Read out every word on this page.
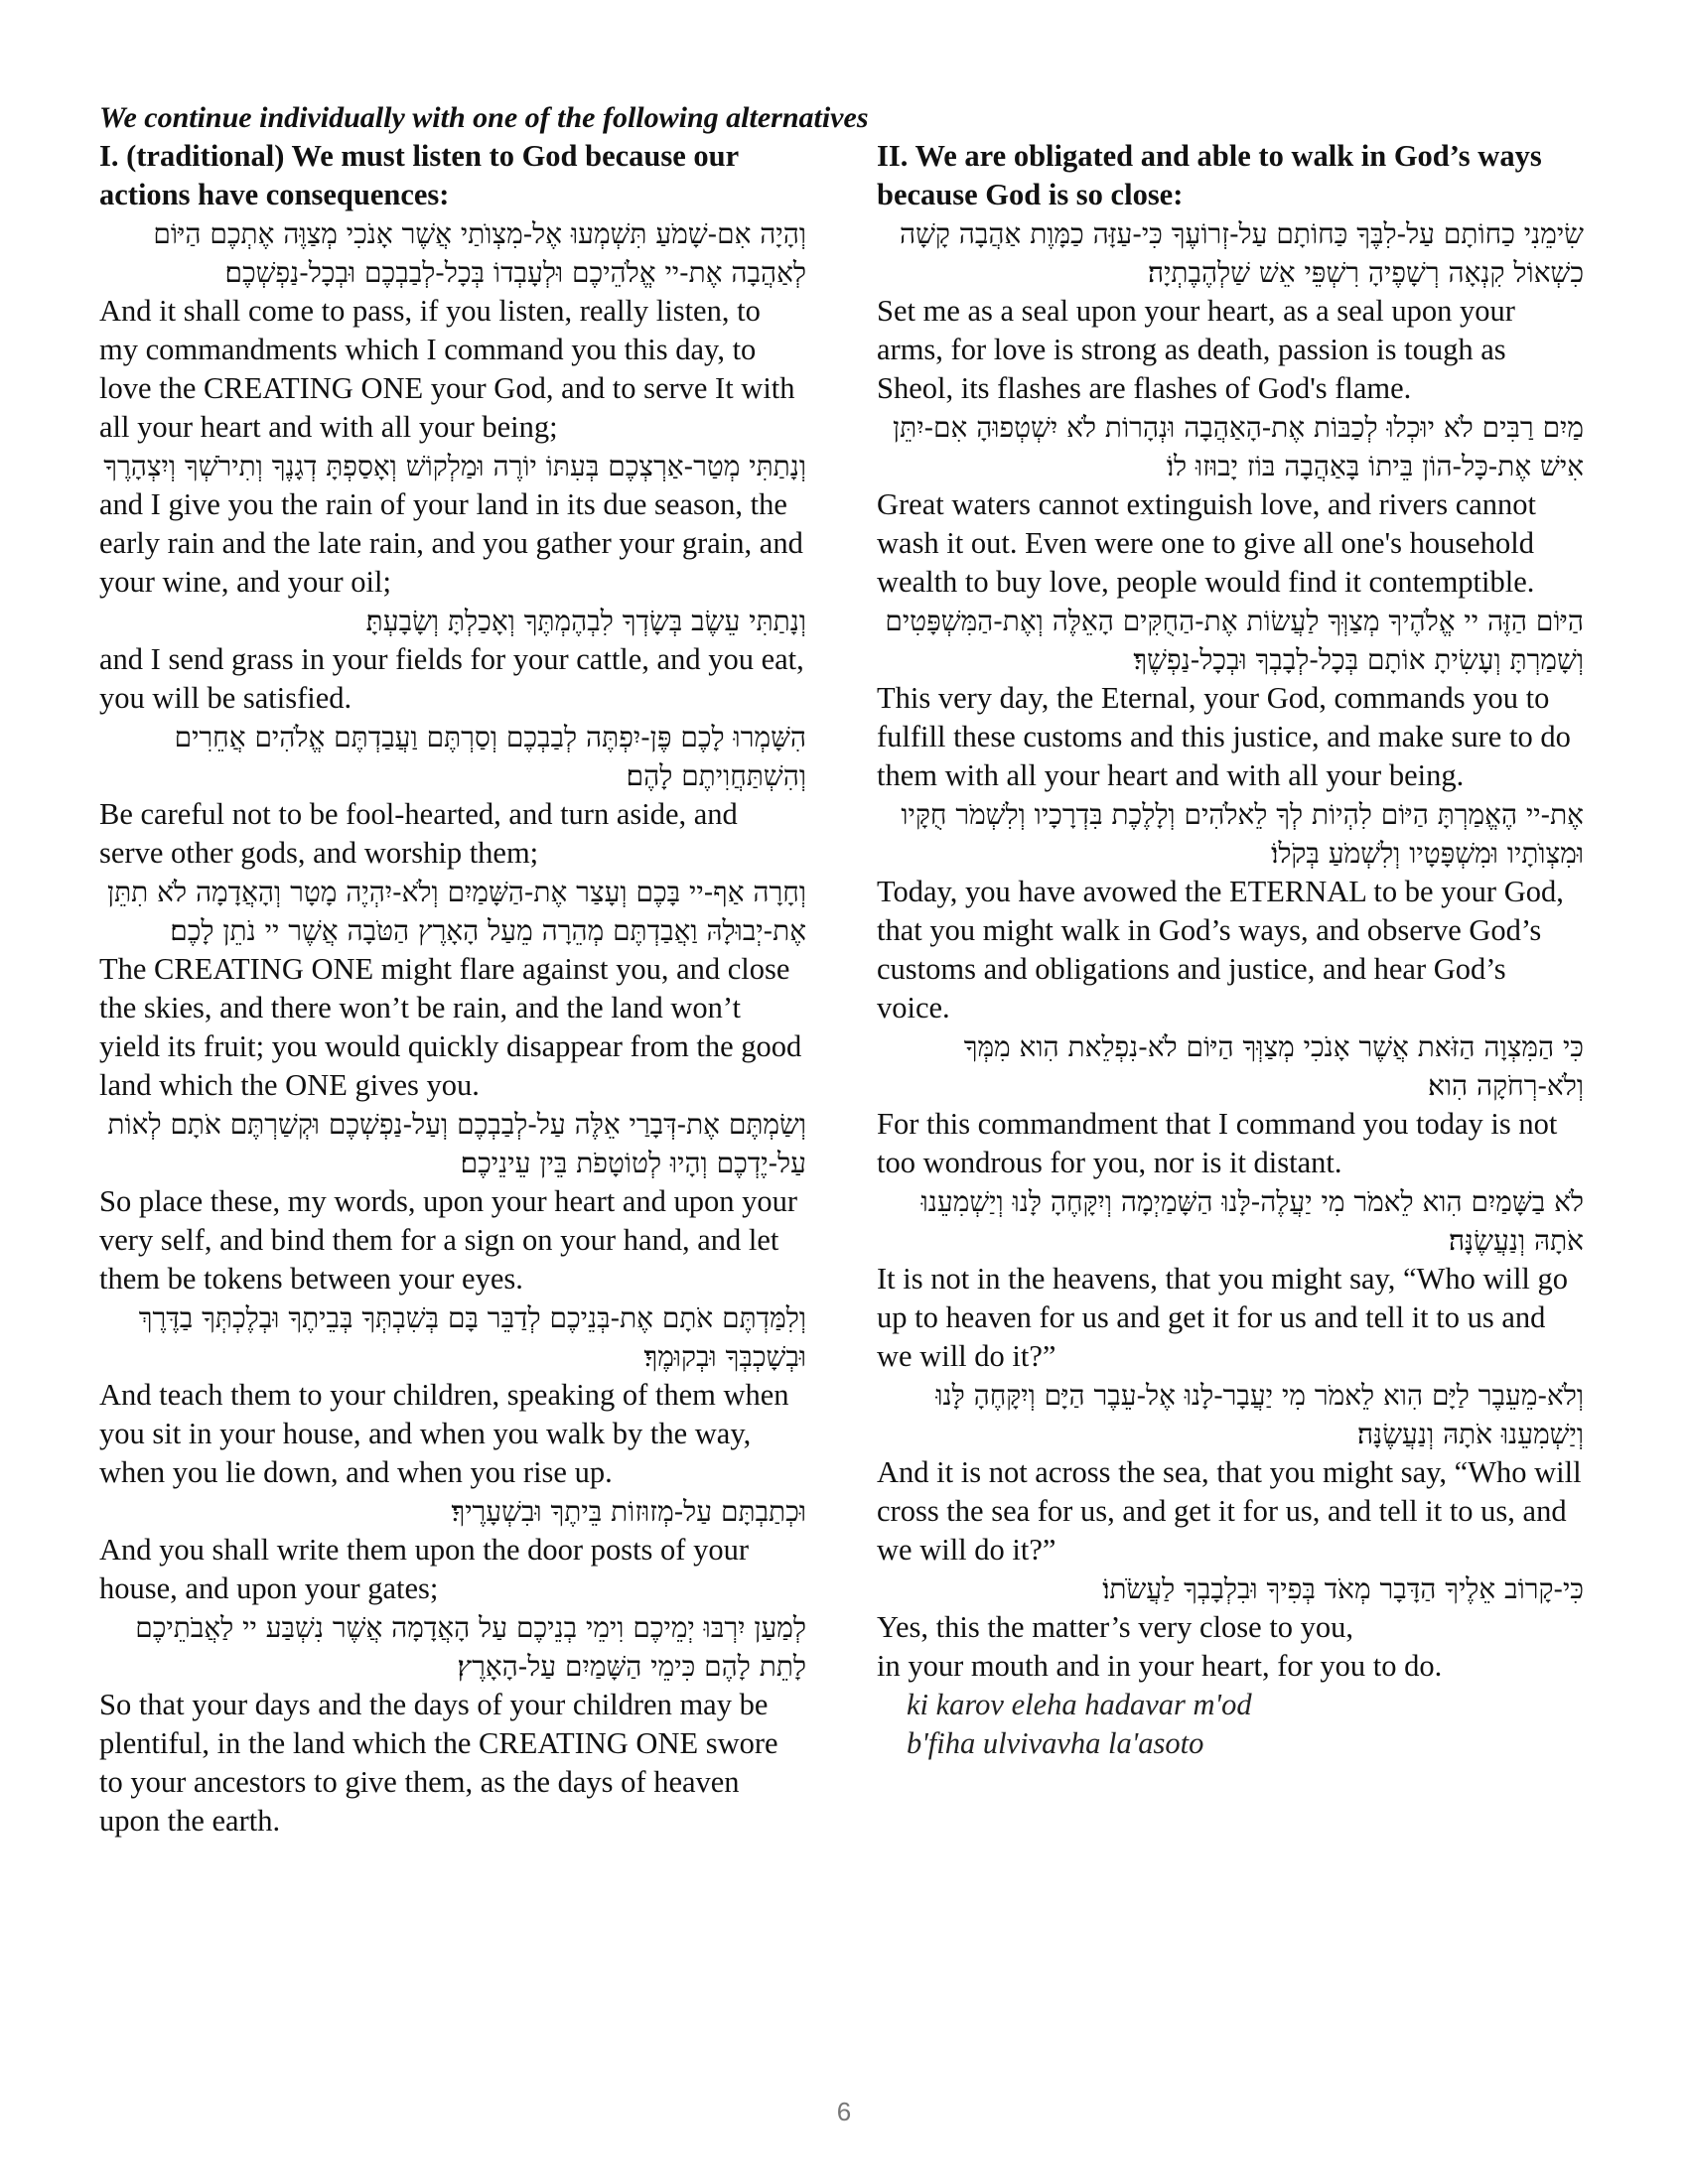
We continue individually with one of the following alternatives
I. (traditional) We must listen to God because our actions have consequences:

וְהָיָה אִם-שָׁמֹעַ תִּשְׁמְעוּ אֶל-מִצְוֺתַי אֲשֶׁר אָנֹכִי מְצַוֶּה אֶתְכֶם הַיּוֹם לְאַהֲבָה אֶת-יי אֱלֹהֵיכֶם וּלְעָבְדוֹ בְּכָל-לְבַבְכֶם וּבְכָל-נַפְשְׁכֶם׃

And it shall come to pass, if you listen, really listen, to my commandments which I command you this day, to love the CREATING ONE your God, and to serve It with all your heart and with all your being;

וְנָתַתִּי מְטַר-אַרְצְכֶם בְּעִתּוֹ יוֹרֶה וּמַלְקוֹשׁ וְאָסַפְתָּ דְגָנֶךָ וְתִירֹשְׁךָ וְיִצְהָרֶךָ

and I give you the rain of your land in its due season, the early rain and the late rain, and you gather your grain, and your wine, and your oil;

וְנָתַתִּי עֵשֶׂב בְּשָׂדְךָ לִבְהֶמְתֶּךָ וְאָכַלְתָּ וְשָׂבָעְתָּ׃

and I send grass in your fields for your cattle, and you eat, you will be satisfied.

הִשָּׁמְרוּ לָכֶם פֶּן-יִפְתֶּה לְבַבְכֶם וְסַרְתֶּם וַעֲבַדְתֶּם אֱלֹהִים אֲחֵרִים וְהִשְׁתַּחֲוִיתֶם לָהֶם׃

Be careful not to be fool-hearted, and turn aside, and serve other gods, and worship them;

וְחָרָה אַף-יי בָּכֶם וְעָצַר אֶת-הַשָּׁמַיִם וְלֹא-יִהְיֶה מָטָר וְהָאֲדָמָה לֹא תִתֵּן אֶת-יְבוּלָהּ וַאֲבַדְתֶּם מְהֵרָה מֵעַל הָאָרֶץ הַטֹּבָה אֲשֶׁר יי נֹתֵן לָכֶם׃

The CREATING ONE might flare against you, and close the skies, and there won’t be rain, and the land won’t yield its fruit; you would quickly disappear from the good land which the ONE gives you.

וְשַׂמְתֶּם אֶת-דְּבָרַי אֵלֶּה עַל-לְבַבְכֶם וְעַל-נַפְשְׁכֶם וּקְשַׁרְתֶּם אֹתָם לְאוֹת עַל-יֶדְכֶם וְהָיוּ לְטוֹטָפֹת בֵּין עֵינֵיכֶם׃

So place these, my words, upon your heart and upon your very self, and bind them for a sign on your hand, and let them be tokens between your eyes.

וְלִמַּדְתֶּם אֹתָם אֶת-בְּנֵיכֶם לְדַבֵּר בָּם בְּשִׁבְתְּךָ בְּבֵיתֶךָ וּבְלֶכְתְּךָ בַדֶּרֶךְ וּבְשָׁכְבְּךָ וּבְקוּמֶךָ׃

And teach them to your children, speaking of them when you sit in your house, and when you walk by the way, when you lie down, and when you rise up.

וּכְתַבְתָּם עַל-מְזוּזוֹת בֵּיתֶךָ וּבִשְׁעָרֶיךָ׃

And you shall write them upon the door posts of your house, and upon your gates;

לְמַעַן יִרְבּוּ יְמֵיכֶם וִימֵי בְנֵיכֶם עַל הָאֲדָמָה אֲשֶׁר נִשְׁבַּע יי לַאֲבֹתֵיכֶם לָתֵת לָהֶם כִּימֵי הַשָּׁמַיִם עַל-הָאָרֶץ׃

So that your days and the days of your children may be plentiful, in the land which the CREATING ONE swore to your ancestors to give them, as the days of heaven upon the earth.

II. We are obligated and able to walk in God’s ways because God is so close:

שִׂימֵנִי כַחוֹתָם עַל-לִבֶּךָ כַּחוֹתָם עַל-זְרוֹעֶךָ כִּי-עַזָּה כַמָּוֶת אַהֲבָה קָשָׁה כִשְׁאוֹל קִנְאָה רְשָׁפֶיהָ רִשְׁפֵּי אֵשׁ שַׁלְהֶבֶתְיָה׃

Set me as a seal upon your heart, as a seal upon your arms, for love is strong as death, passion is tough as Sheol, its flashes are flashes of God's flame.

מַיִם רַבִּים לֹא יוּכְלוּ לְכַבּוֹת אֶת-הָאַהֲבָה וּנְהָרוֹת לֹא יִשְׁטְפוּהָ אִם-יִתֵּן אִישׁ אֶת-כָּל-הוֹן בֵּיתוֹ בָּאַהֲבָה בּוֹז יָבוּזוּ לוֹ׃

Great waters cannot extinguish love, and rivers cannot wash it out. Even were one to give all one's household wealth to buy love, people would find it contemptible.

הַיּוֹם הַזֶּה יי אֱלֹהֶיךָ מְצַוְּךָ לַעֲשׂוֹת אֶת-הַחֻקִּים הָאֵלֶּה וְאֶת-הַמִּשְׁפָּטִים וְשָׁמַרְתָּ וְעָשִׂיתָ אוֹתָם בְּכָל-לְבָבְךָ וּבְכָל-נַפְשֶׁךָ׃

This very day, the Eternal, your God, commands you to fulfill these customs and this justice, and make sure to do them with all your heart and with all your being.

אֶת-יי הֶאֱמַרְתָּ הַיּוֹם לִהְיוֹת לְךָ לֵאלֹהִים וְלָלֶכֶת בִּדְרָכָיו וְלִשְׁמֹר חֻקָּיו וּמִצְוֺתָיו וּמִשְׁפָּטָיו וְלִשְׁמֹעַ בְּקֹלוֹ׃

Today, you have avowed the ETERNAL to be your God, that you might walk in God’s ways, and observe God’s customs and obligations and justice, and hear God’s voice.

כִּי הַמִּצְוָה הַזֹּאת אֲשֶׁר אָנֹכִי מְצַוְּךָ הַיּוֹם לֹא-נִפְלֵאת הִוא מִמְּךָ וְלֹא-רְחֹקָה הִוא׃

For this commandment that I command you today is not too wondrous for you, nor is it distant.

לֹא בַשָּׁמַיִם הִוא לֵאמֹר מִי יַעֲלֶה-לָּנוּ הַשָּׁמַיְמָה וְיִקָּחֶהָ לָּנוּ וְיַשְׁמִעֵנוּ אֹתָהּ וְנַעֲשֶׂנָּה׃

It is not in the heavens, that you might say, “Who will go up to heaven for us and get it for us and tell it to us and we will do it?”

וְלֹא-מֵעֵבֶר לַיָּם הִוא לֵאמֹר מִי יַעֲבָר-לָנוּ אֶל-עֵבֶר הַיָּם וְיִקָּחֶהָ לָּנוּ וְיַשְׁמִעֵנוּ אֹתָהּ וְנַעֲשֶׂנָּה׃

And it is not across the sea, that you might say, “Who will cross the sea for us, and get it for us, and tell it to us, and we will do it?”

כִּי-קָרוֹב אֵלֶיךָ הַדָּבָר מְאֹד בְּפִיךָ וּבִלְבָבְךָ לַעֲשֹׂתוֹ׃

Yes, this the matter’s very close to you,

in your mouth and in your heart, for you to do.

ki karov eleha hadavar m'od

b'fiha ulvivavha la'asoto

6
